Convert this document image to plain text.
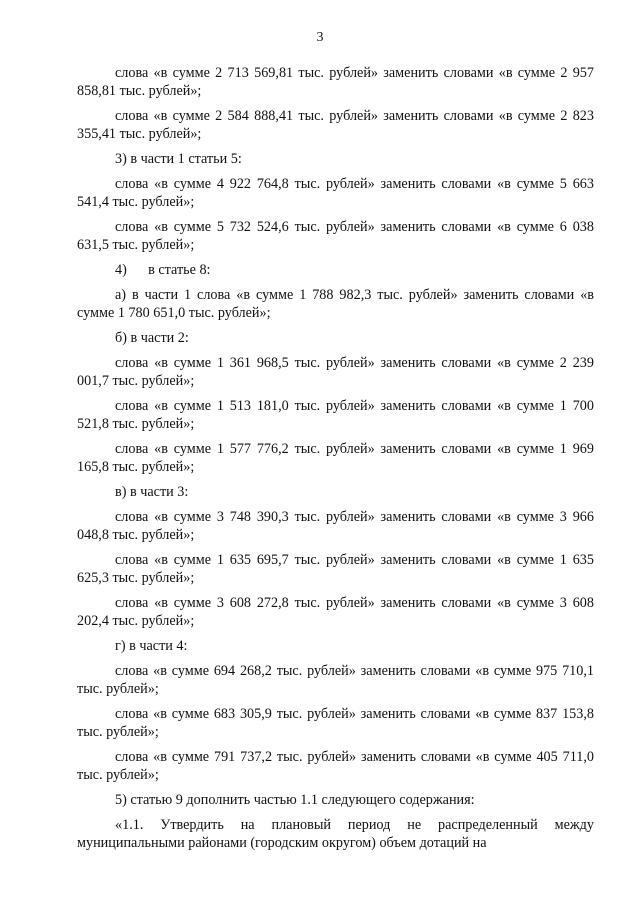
3

слова «в сумме 2 713 569,81 тыс. рублей» заменить словами «в сумме 2 957 858,81 тыс. рублей»;

слова «в сумме 2 584 888,41 тыс. рублей» заменить словами «в сумме 2 823 355,41 тыс. рублей»;

3) в части 1 статьи 5:

слова «в сумме 4 922 764,8 тыс. рублей» заменить словами «в сумме 5 663 541,4 тыс. рублей»;

слова «в сумме 5 732 524,6 тыс. рублей» заменить словами «в сумме 6 038 631,5 тыс. рублей»;

4)      в статье 8:

а) в части 1 слова «в сумме 1 788 982,3 тыс. рублей» заменить словами «в сумме 1 780 651,0 тыс. рублей»;

б) в части 2:

слова «в сумме 1 361 968,5 тыс. рублей» заменить словами «в сумме 2 239 001,7 тыс. рублей»;

слова «в сумме 1 513 181,0 тыс. рублей» заменить словами «в сумме 1 700 521,8 тыс. рублей»;

слова «в сумме 1 577 776,2 тыс. рублей» заменить словами «в сумме 1 969 165,8 тыс. рублей»;

в) в части 3:

слова «в сумме 3 748 390,3 тыс. рублей» заменить словами «в сумме 3 966 048,8 тыс. рублей»;

слова «в сумме 1 635 695,7 тыс. рублей» заменить словами «в сумме 1 635 625,3 тыс. рублей»;

слова «в сумме 3 608 272,8 тыс. рублей» заменить словами «в сумме 3 608 202,4 тыс. рублей»;

г) в части 4:

слова «в сумме 694 268,2 тыс. рублей» заменить словами «в сумме 975 710,1 тыс. рублей»;

слова «в сумме 683 305,9 тыс. рублей» заменить словами «в сумме 837 153,8 тыс. рублей»;

слова «в сумме 791 737,2 тыс. рублей» заменить словами «в сумме 405 711,0 тыс. рублей»;

5) статью 9 дополнить частью 1.1 следующего содержания:

«1.1. Утвердить на плановый период не распределенный между муниципальными районами (городским округом) объем дотаций на
